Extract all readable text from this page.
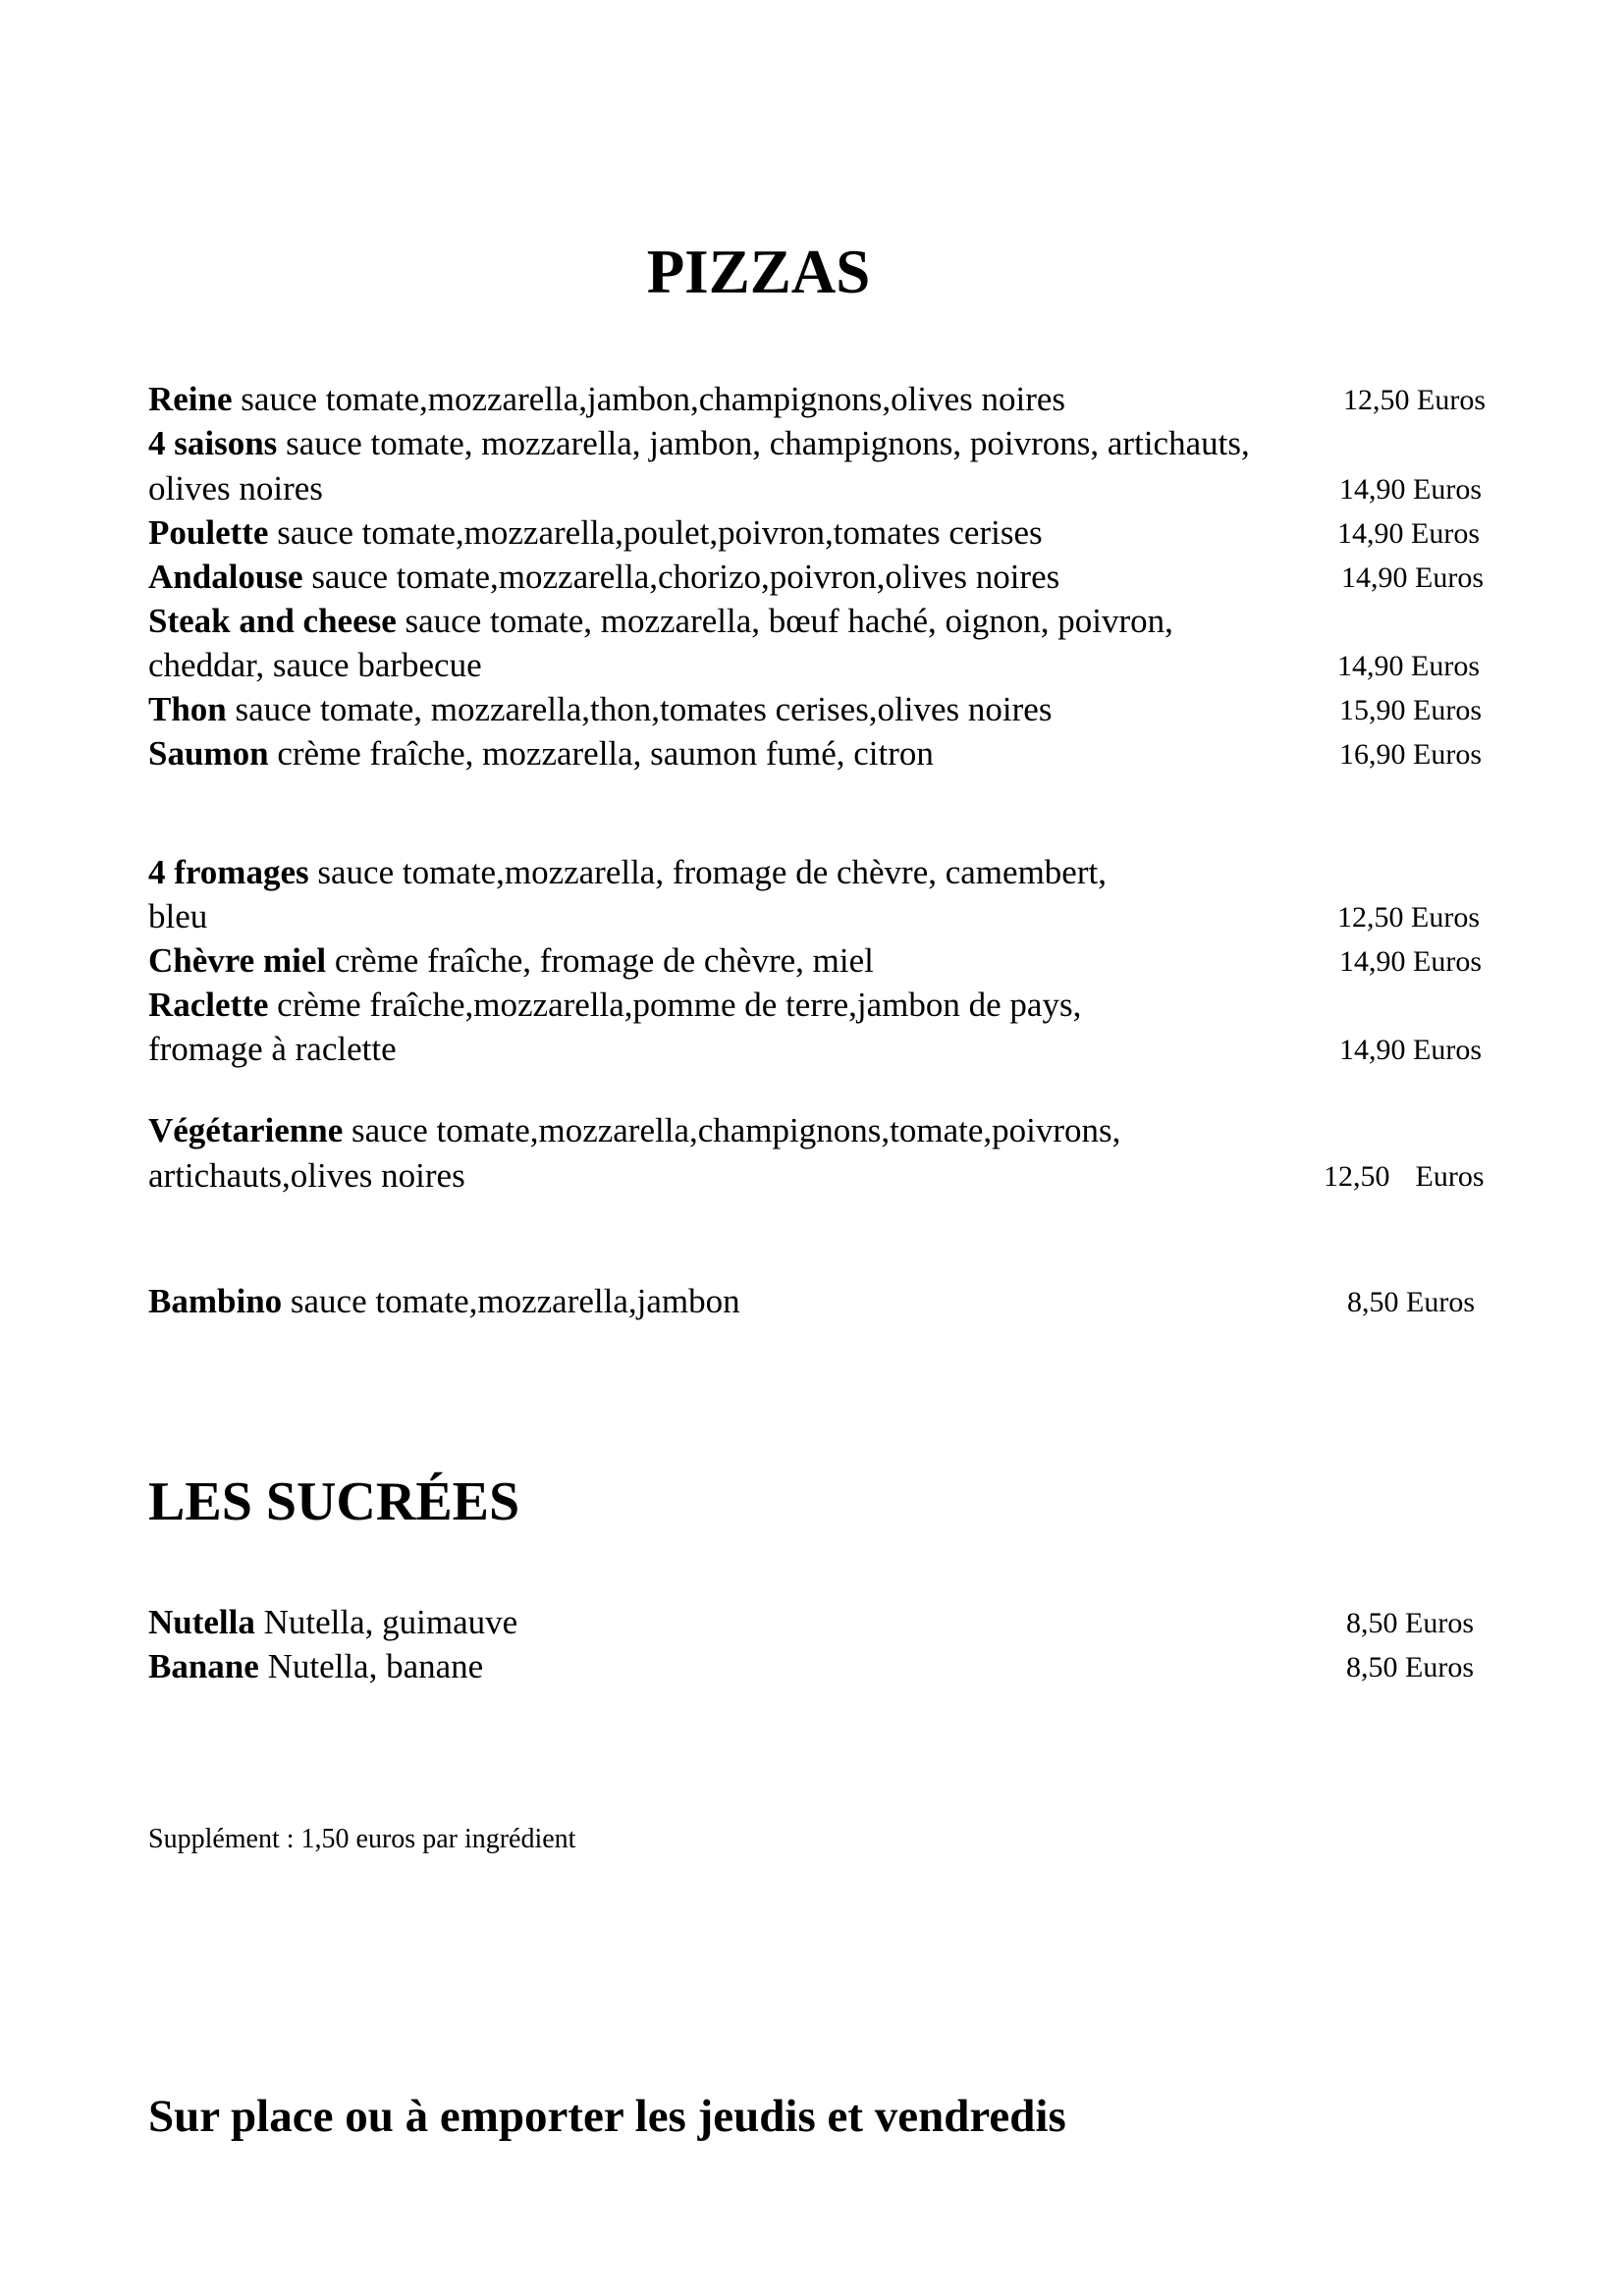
PIZZAS
Reine sauce tomate,mozzarella,jambon,champignons,olives noires	12,50 Euros
4 saisons sauce tomate, mozzarella, jambon, champignons, poivrons, artichauts,
olives noires	14,90 Euros
Poulette sauce tomate,mozzarella,poulet,poivron,tomates cerises	14,90 Euros
Andalouse sauce tomate,mozzarella,chorizo,poivron,olives noires	14,90 Euros
Steak and cheese sauce tomate, mozzarella, bœuf haché, oignon, poivron,
cheddar, sauce barbecue	14,90 Euros
Thon sauce tomate, mozzarella,thon,tomates cerises,olives noires	15,90 Euros
Saumon crème fraîche, mozzarella, saumon fumé, citron	16,90 Euros
4 fromages sauce tomate,mozzarella, fromage de chèvre, camembert,
bleu	12,50 Euros
Chèvre miel crème fraîche, fromage de chèvre, miel	14,90 Euros
Raclette crème fraîche,mozzarella,pomme de terre,jambon de pays,
fromage à raclette	14,90 Euros
Végétarienne sauce tomate,mozzarella,champignons,tomate,poivrons,
artichauts,olives noires	12,50 Euros
Bambino sauce tomate,mozzarella,jambon	8,50 Euros
LES SUCRÉES
Nutella Nutella, guimauve	8,50 Euros
Banane Nutella, banane	8,50 Euros
Supplément : 1,50 euros par ingrédient
Sur place ou à emporter les jeudis et vendredis
